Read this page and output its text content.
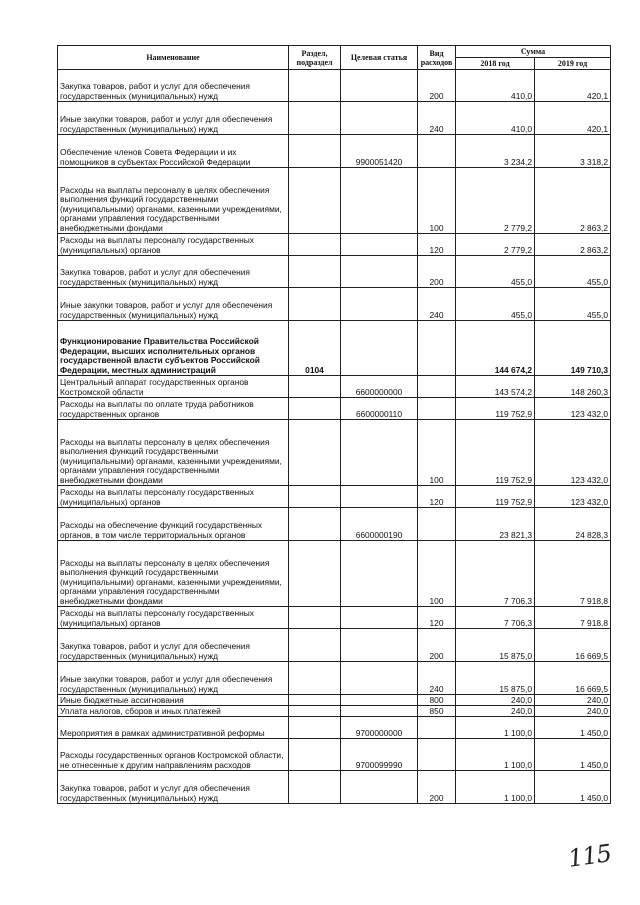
Наименование	Раздел, подраздел	Целевая статья	Вид расходов	Сумма	
				2018 год	2019 год
Закупка товаров, работ и услуг для обеспечения государственных (муниципальных) нужд			200	410,0	420,1
Иные закупки товаров, работ и услуг для обеспечения государственных (муниципальных) нужд			240	410,0	420,1
Обеспечение членов Совета Федерации и их помощников в субъектах Российской Федерации		9900051420		3 234,2	3 318,2
Расходы на выплаты персоналу в целях обеспечения выполнения функций государственными (муниципальными) органами, казенными учреждениями, органами управления государственными внебюджетными фондами			100	2 779,2	2 863,2
Расходы на выплаты персоналу государственных (муниципальных) органов			120	2 779,2	2 863,2
Закупка товаров, работ и услуг для обеспечения государственных (муниципальных) нужд			200	455,0	455,0
Иные закупки товаров, работ и услуг для обеспечения государственных (муниципальных) нужд			240	455,0	455,0
Функционирование Правительства Российской Федерации, высших исполнительных органов государственной власти субъектов Российской Федерации, местных администраций	0104			144 674,2	149 710,3
Центральный аппарат государственных органов Костромской области		6600000000		143 574,2	148 260,3
Расходы на выплаты по оплате труда работников государственных органов		6600000110		119 752,9	123 432,0
Расходы на выплаты персоналу в целях обеспечения выполнения функций государственными (муниципальными) органами, казенными учреждениями, органами управления государственными внебюджетными фондами			100	119 752,9	123 432,0
Расходы на выплаты персоналу государственных (муниципальных) органов			120	119 752,9	123 432,0
Расходы на обеспечение функций государственных органов, в том числе территориальных органов		6600000190		23 821,3	24 828,3
Расходы на выплаты персоналу в целях обеспечения выполнения функций государственными (муниципальными) органами, казенными учреждениями, органами управления государственными внебюджетными фондами			100	7 706,3	7 918,8
Расходы на выплаты персоналу государственных (муниципальных) органов			120	7 706,3	7 918,8
Закупка товаров, работ и услуг для обеспечения государственных (муниципальных) нужд			200	15 875,0	16 669,5
Иные закупки товаров, работ и услуг для обеспечения государственных (муниципальных) нужд			240	15 875,0	16 669,5
Иные бюджетные ассигнования			800	240,0	240,0
Уплата налогов, сборов и иных платежей			850	240,0	240,0
Мероприятия в рамках административной реформы		9700000000		1 100,0	1 450,0
Расходы государственных органов Костромской области, не отнесенные к другим направлениям расходов		9700099990		1 100,0	1 450,0
Закупка товаров, работ и услуг для обеспечения государственных (муниципальных) нужд			200	1 100,0	1 450,0
115
